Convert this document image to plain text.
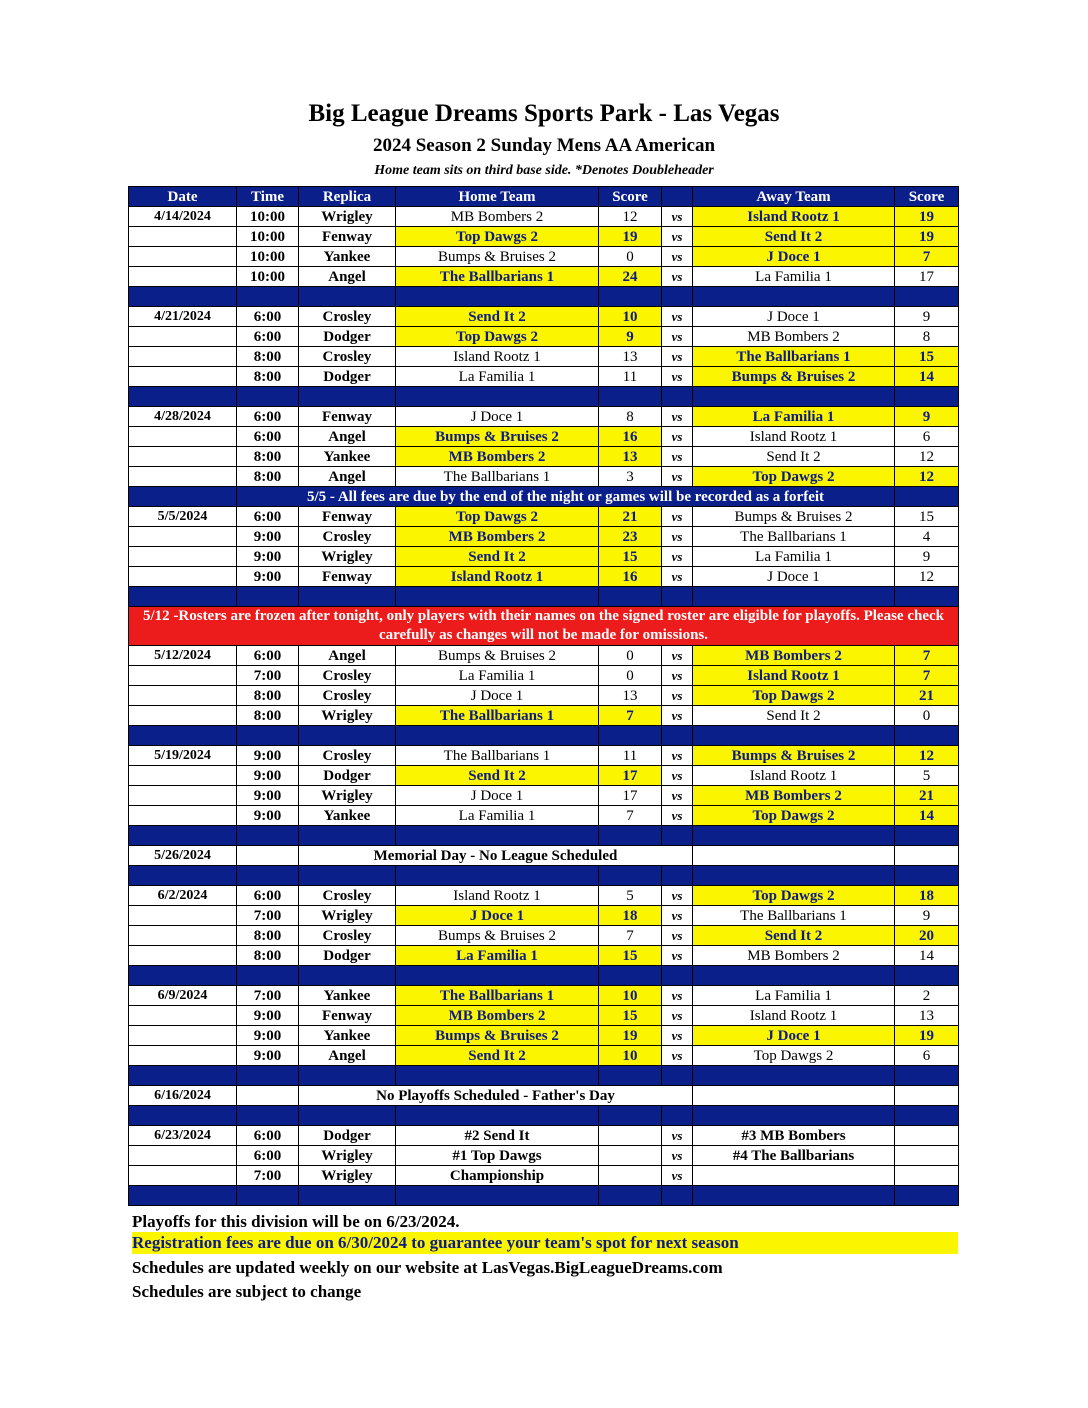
Big League Dreams Sports Park - Las Vegas
2024 Season 2 Sunday Mens AA American
Home team sits on third base side. *Denotes Doubleheader
Date	Time	Replica	Home Team	Score		Away Team	Score	
4/14/2024	10:00	Wrigley	MB Bombers 2	12	vs	Island Rootz 1	19	
	10:00	Fenway	Top Dawgs 2	19	vs	Send It 2	19	
	10:00	Yankee	Bumps & Bruises 2	0	vs	J Doce 1	7	
	10:00	Angel	The Ballbarians 1	24	vs	La Familia 1	17	

4/21/2024	6:00	Crosley	Send It 2	10	vs	J Doce 1	9	
	6:00	Dodger	Top Dawgs 2	9	vs	MB Bombers 2	8	
	8:00	Crosley	Island Rootz 1	13	vs	The Ballbarians 1	15	
	8:00	Dodger	La Familia 1	11	vs	Bumps & Bruises 2	14	

4/28/2024	6:00	Fenway	J Doce 1	8	vs	La Familia 1	9	
	6:00	Angel	Bumps & Bruises 2	16	vs	Island Rootz 1	6	
	8:00	Yankee	MB Bombers 2	13	vs	Send It 2	12	
	8:00	Angel	The Ballbarians 1	3	vs	Top Dawgs 2	12	
	5/5 - All fees are due by the end of the night or games will be recorded as a forfeit							
5/5/2024	6:00	Fenway	Top Dawgs 2	21	vs	Bumps & Bruises 2	15	
	9:00	Crosley	MB Bombers 2	23	vs	The Ballbarians 1	4	
	9:00	Wrigley	Send It 2	15	vs	La Familia 1	9	
	9:00	Fenway	Island Rootz 1	16	vs	J Doce 1	12	

5/12 -Rosters are frozen after tonight, only players with their names on the signed roster are eligible for playoffs. Please check carefully as changes will not be made for omissions.								
5/12/2024	6:00	Angel	Bumps & Bruises 2	0	vs	MB Bombers 2	7	
	7:00	Crosley	La Familia 1	0	vs	Island Rootz 1	7	
	8:00	Crosley	J Doce 1	13	vs	Top Dawgs 2	21	
	8:00	Wrigley	The Ballbarians 1	7	vs	Send It 2	0	

5/19/2024	9:00	Crosley	The Ballbarians 1	11	vs	Bumps & Bruises 2	12	
	9:00	Dodger	Send It 2	17	vs	Island Rootz 1	5	
	9:00	Wrigley	J Doce 1	17	vs	MB Bombers 2	21	
	9:00	Yankee	La Familia 1	7	vs	Top Dawgs 2	14	

5/26/2024		Memorial Day - No League Scheduled						

6/2/2024	6:00	Crosley	Island Rootz 1	5	vs	Top Dawgs 2	18	
	7:00	Wrigley	J Doce 1	18	vs	The Ballbarians 1	9	
	8:00	Crosley	Bumps & Bruises 2	7	vs	Send It 2	20	
	8:00	Dodger	La Familia 1	15	vs	MB Bombers 2	14	

6/9/2024	7:00	Yankee	The Ballbarians 1	10	vs	La Familia 1	2	
	9:00	Fenway	MB Bombers 2	15	vs	Island Rootz 1	13	
	9:00	Yankee	Bumps & Bruises 2	19	vs	J Doce 1	19	
	9:00	Angel	Send It 2	10	vs	Top Dawgs 2	6	

6/16/2024		No Playoffs Scheduled - Father's Day						

6/23/2024	6:00	Dodger	#2 Send It		vs	#3 MB Bombers		
	6:00	Wrigley	#1 Top Dawgs		vs	#4 The Ballbarians		
	7:00	Wrigley	Championship		vs			

Playoffs for this division will be on 6/23/2024.
Registration fees are due on 6/30/2024 to guarantee your team's spot for next season
Schedules are updated weekly on our website at LasVegas.BigLeagueDreams.com
Schedules are subject to change
